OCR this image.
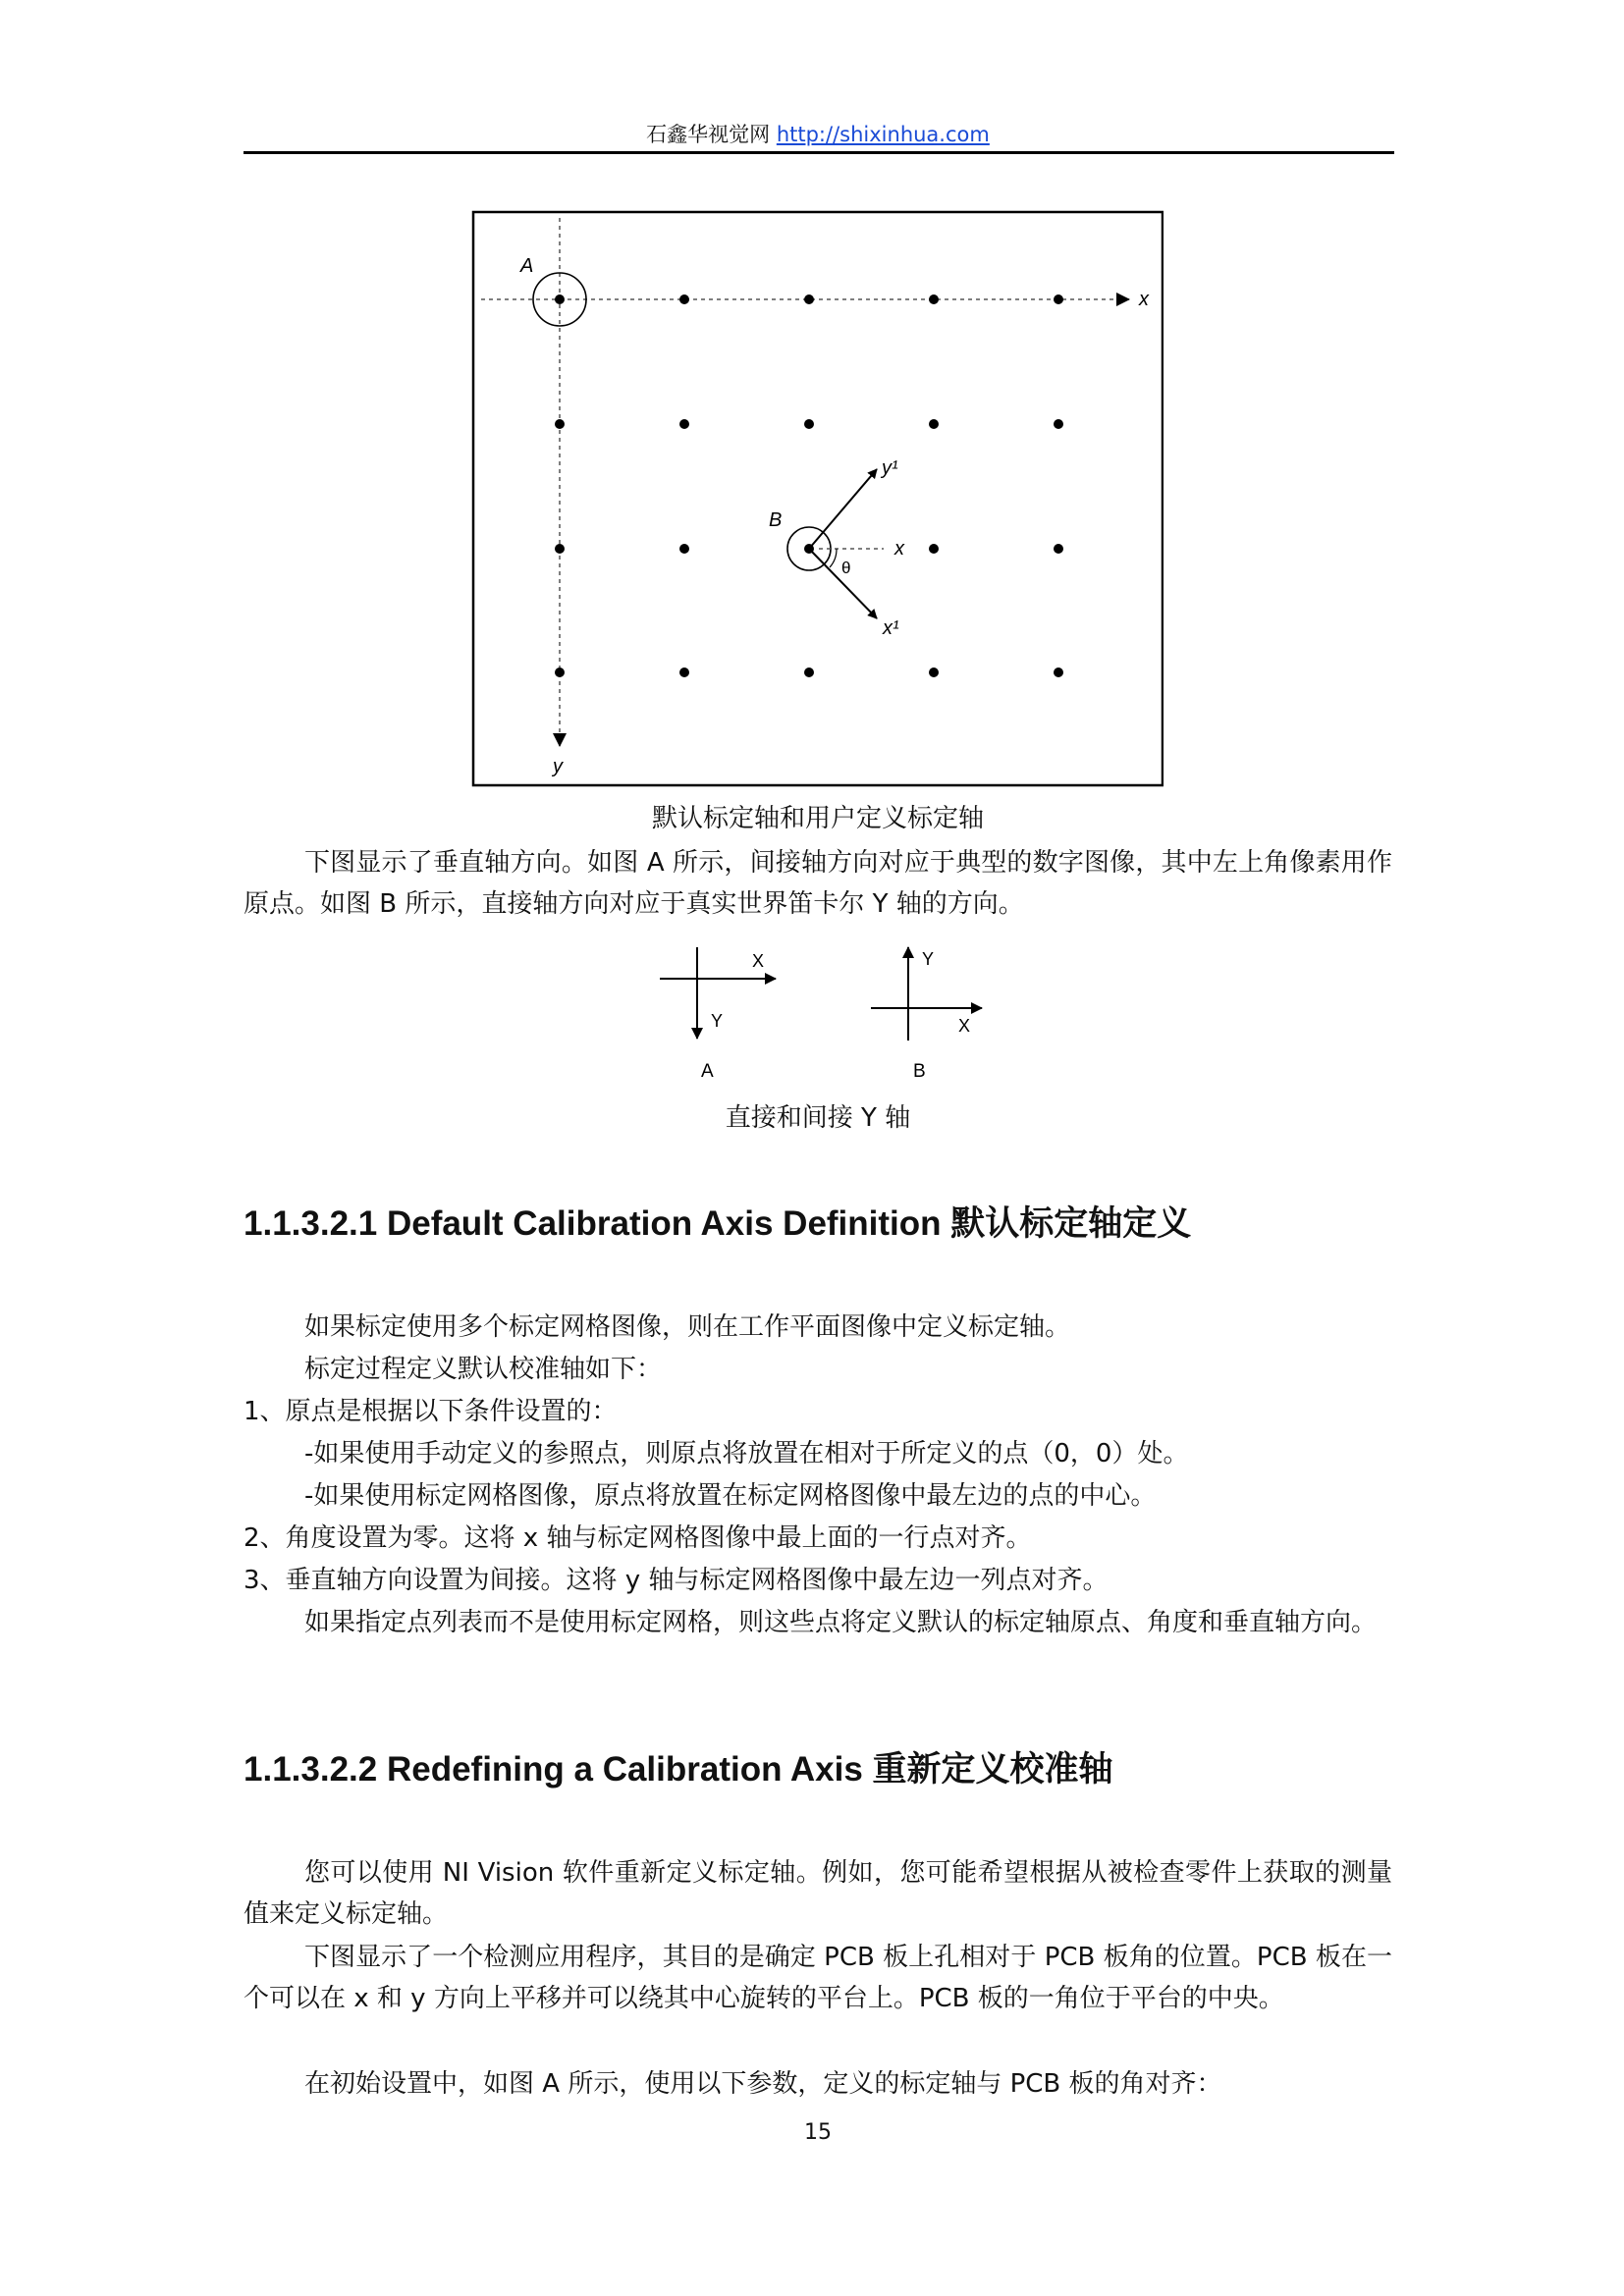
石鑫华视觉网 http://shixinhua.com
A
x
y
B
x
θ
y¹
x¹
默认标定轴和用户定义标定轴
下图显示了垂直轴方向。如图 A 所示，间接轴方向对应于典型的数字图像，其中左上角像素用作原点。如图 B 所示，直接轴方向对应于真实世界笛卡尔 Y 轴的方向。
X
Y
A
Y
X
B
直接和间接 Y 轴
1.1.3.2.1 Default Calibration Axis Definition 默认标定轴定义
如果标定使用多个标定网格图像，则在工作平面图像中定义标定轴。
标定过程定义默认校准轴如下：
1、原点是根据以下条件设置的：
-如果使用手动定义的参照点，则原点将放置在相对于所定义的点（0，0）处。
-如果使用标定网格图像，原点将放置在标定网格图像中最左边的点的中心。
2、角度设置为零。这将 x 轴与标定网格图像中最上面的一行点对齐。
3、垂直轴方向设置为间接。这将 y 轴与标定网格图像中最左边一列点对齐。
如果指定点列表而不是使用标定网格，则这些点将定义默认的标定轴原点、角度和垂直轴方向。
1.1.3.2.2 Redefining a Calibration Axis 重新定义校准轴
您可以使用 NI Vision 软件重新定义标定轴。例如，您可能希望根据从被检查零件上获取的测量值来定义标定轴。
下图显示了一个检测应用程序，其目的是确定 PCB 板上孔相对于 PCB 板角的位置。PCB 板在一个可以在 x 和 y 方向上平移并可以绕其中心旋转的平台上。PCB 板的一角位于平台的中央。
在初始设置中，如图 A 所示，使用以下参数，定义的标定轴与 PCB 板的角对齐：
15
